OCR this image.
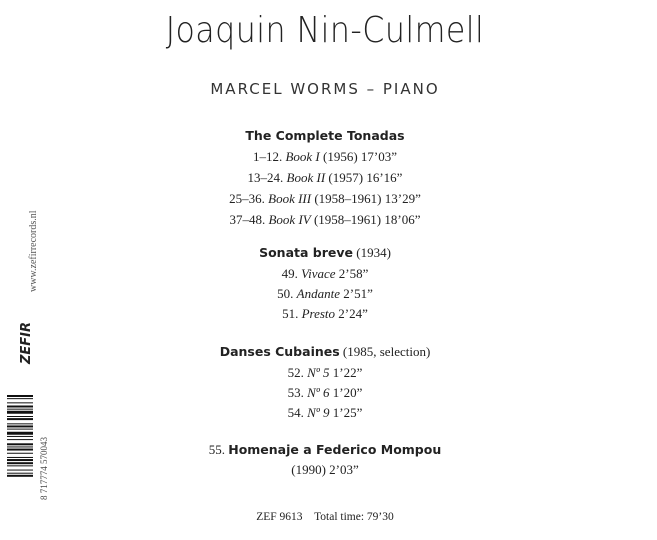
Joaquin Nin-Culmell
MARCEL WORMS – PIANO
The Complete Tonadas
1–12. Book I (1956) 17’03”
13–24. Book II (1957) 16’16”
25–36. Book III (1958–1961) 13’29”
37–48. Book IV (1958–1961) 18’06”
Sonata breve (1934)
49. Vivace 2’58”
50. Andante 2’51”
51. Presto 2’24”
Danses Cubaines (1985, selection)
52. Nº 5 1’22”
53. Nº 6 1’20”
54. Nº 9 1’25”
55. Homenaje a Federico Mompou
(1990) 2’03”
ZEF 9613 Total time: 79’30
www.zefirrecords.nl
ZEFIR
8 717774 570043
